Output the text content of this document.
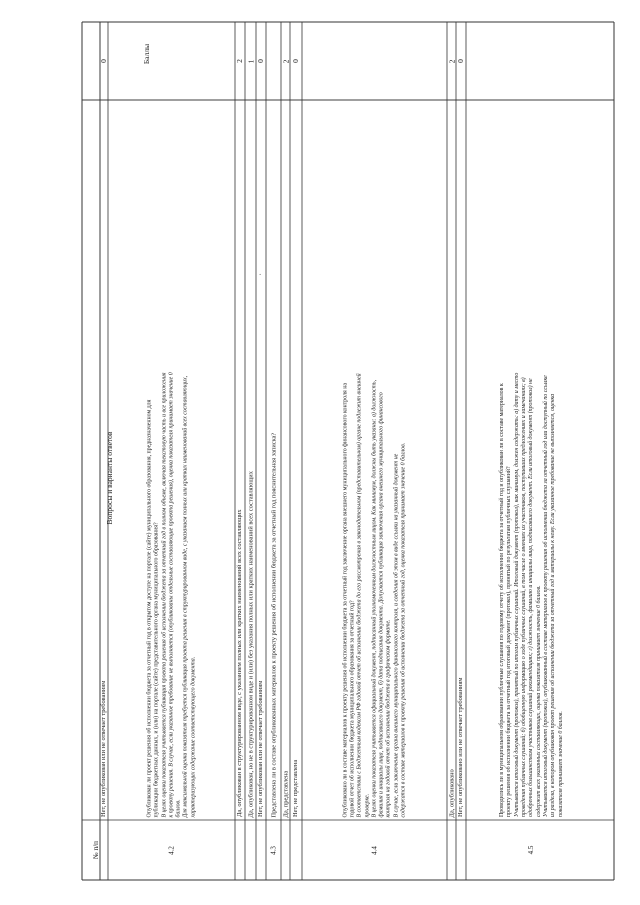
.
№ п/п
Вопросы и варианты ответов
Баллы
Нет, не опубликован или не отвечает требованиям
0
Опубликован ли проект решения об исполнении бюджета за отчетный год в открытом доступе на портале (сайте) муниципального образования, предназначенном для публикации бюджетных данных, и (или) на портале (сайте) представительного органа муниципального образования? В целях оценки показателя учитывается публикация проекта решения об исполнении бюджета за отчетный год в полном объеме, включая текстовую часть и все приложения к проекту решения. В случае, если указанное требование не выполняется (опубликованы отдельные составляющие проекта решения), оценка показателя принимает значение 0 баллов. Для максимальной оценки показателя требуется публикация проекта решения в структурированном виде, с указанием полных или кратких наименований всех составляющих, характеризующих содержание соответствующего документа.
4.2
Да, опубликован в структурированном виде, с указанием полных или кратких наименований всех составляющих
2
Да, опубликован, но не в структурированном виде и (или) без указания полных или кратких наименований всех составляющих
1
Нет, не опубликован или не отвечает требованиям
0
Представлена ли в составе опубликованных материалов к проекту решения об исполнении бюджета за отчетный год пояснительная записка?
4.3
Да, представлена
2
Нет, не представлена
0
Опубликовано ли в составе материалов к проекту решения об исполнении бюджета за отчетный год заключение органа внешнего муниципального финансового контроля на годовой отчет об исполнении бюджета муниципального образования за отчетный год? В соответствии с Бюджетным кодексом РФ годовой отчет об исполнении бюджета до его рассмотрения в законодательном (представительном) органе подлежит внешней проверке. В целях оценки показателя учитывается официальный документ, подписанный уполномоченным должностным лицом. Как минимум, должны быть указаны: а) должность, фамилия и инициалы лица, подписавшего документ, б) дата подписания документа. Допускается публикация заключения органа внешнего муниципального финансового контроля на годовой отчет об исполнении бюджета в графическом формате. В случае, если заключение органа внешнего муниципального финансового контроля, и сведения об этом в виде ссылки на указанный документ не содержатся в составе материалов к проекту решения об исполнении бюджета за отчетный год, оценка показателя принимает значение 0 баллов.
4.4
Да, опубликовано
2
Нет, не опубликовано или не отвечает требованиям
0
Проводились ли в муниципальном образовании публичные слушания по годовому отчету об исполнении бюджета за отчетный год и опубликован ли в составе материалов к проекту решения об исполнении бюджета за отчетный год итоговый документ (протокол), принятый по результатам публичных слушаний? Учитывается итоговый документ (протокол), принятый по итогам публичных слушаний. Итоговый документ (протокол), как минимум, должен содержать: а) дату и место проведения публичных слушаний; б) обобщенную информацию о ходе публичных слушаний, в том числе о мнениях их участников, поступивших предложениях и замечаниях; в) одобренных большинством участников слушаний рекомендациях; г) должность, фамилию и инициалы лица, подписавшего документ. Если итоговый документ (протокол) не содержит всех указанных составляющих, оценка показателя принимает значение 0 баллов. Учитывается итоговый документ (протокол), опубликованный в составе материалов к проекту решения об исполнении бюджета за отчетный год или доступный по ссылке из раздела, в котором опубликован проект решения об исполнении бюджета за отчетный год и материалы к нему. Если указанное требование не выполняется, оценка показателя принимает значение 0 баллов.
4.5
